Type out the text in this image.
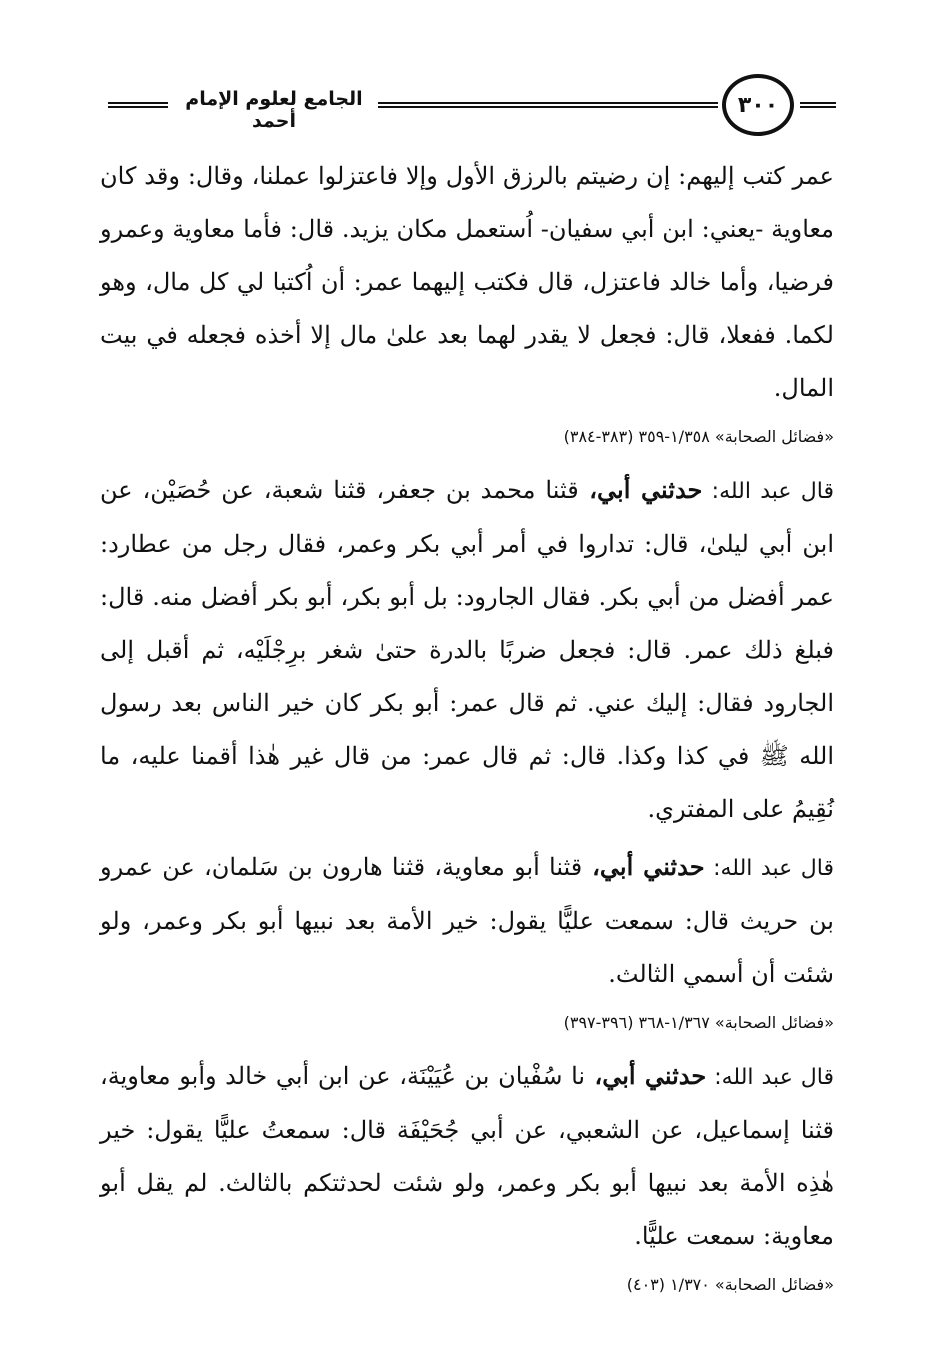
الجامع لعلوم الإمام أحمد
٣٠٠

عمر كتب إليهم: إن رضيتم بالرزق الأول وإلا فاعتزلوا عملنا، وقال: وقد كان معاوية -يعني: ابن أبي سفيان- اُستعمل مكان يزيد. قال: فأما معاوية وعمرو فرضيا، وأما خالد فاعتزل، قال فكتب إليهما عمر: أن اُكتبا لي كل مال، وهو لكما. ففعلا، قال: فجعل لا يقدر لهما بعد علىٰ مال إلا أخذه فجعله في بيت المال.

«فضائل الصحابة» ١/٣٥٨-٣٥٩ (٣٨٣-٣٨٤)

قال عبد الله: حدثني أبي، قثنا محمد بن جعفر، قثنا شعبة، عن حُصَيْن، عن ابن أبي ليلىٰ، قال: تداروا في أمر أبي بكر وعمر، فقال رجل من عطارد: عمر أفضل من أبي بكر. فقال الجارود: بل أبو بكر، أبو بكر أفضل منه. قال: فبلغ ذلك عمر. قال: فجعل ضربًا بالدرة حتىٰ شغر برِجْلَيْه، ثم أقبل إلى الجارود فقال: إليك عني. ثم قال عمر: أبو بكر كان خير الناس بعد رسول الله ﷺ في كذا وكذا. قال: ثم قال عمر: من قال غير هٰذا أقمنا عليه، ما نُقِيمُ على المفتري.

قال عبد الله: حدثني أبي، قثنا أبو معاوية، قثنا هارون بن سَلمان، عن عمرو بن حريث قال: سمعت عليًّا يقول: خير الأمة بعد نبيها أبو بكر وعمر، ولو شئت أن أسمي الثالث.

«فضائل الصحابة» ١/٣٦٧-٣٦٨ (٣٩٦-٣٩٧)

قال عبد الله: حدثني أبي، نا سُفْيان بن عُيَيْنَة، عن ابن أبي خالد وأبو معاوية، قثنا إسماعيل، عن الشعبي، عن أبي جُحَيْفَة قال: سمعتُ عليًّا يقول: خير هٰذِه الأمة بعد نبيها أبو بكر وعمر، ولو شئت لحدثتكم بالثالث. لم يقل أبو معاوية: سمعت عليًّا.

«فضائل الصحابة» ١/٣٧٠ (٤٠٣)
